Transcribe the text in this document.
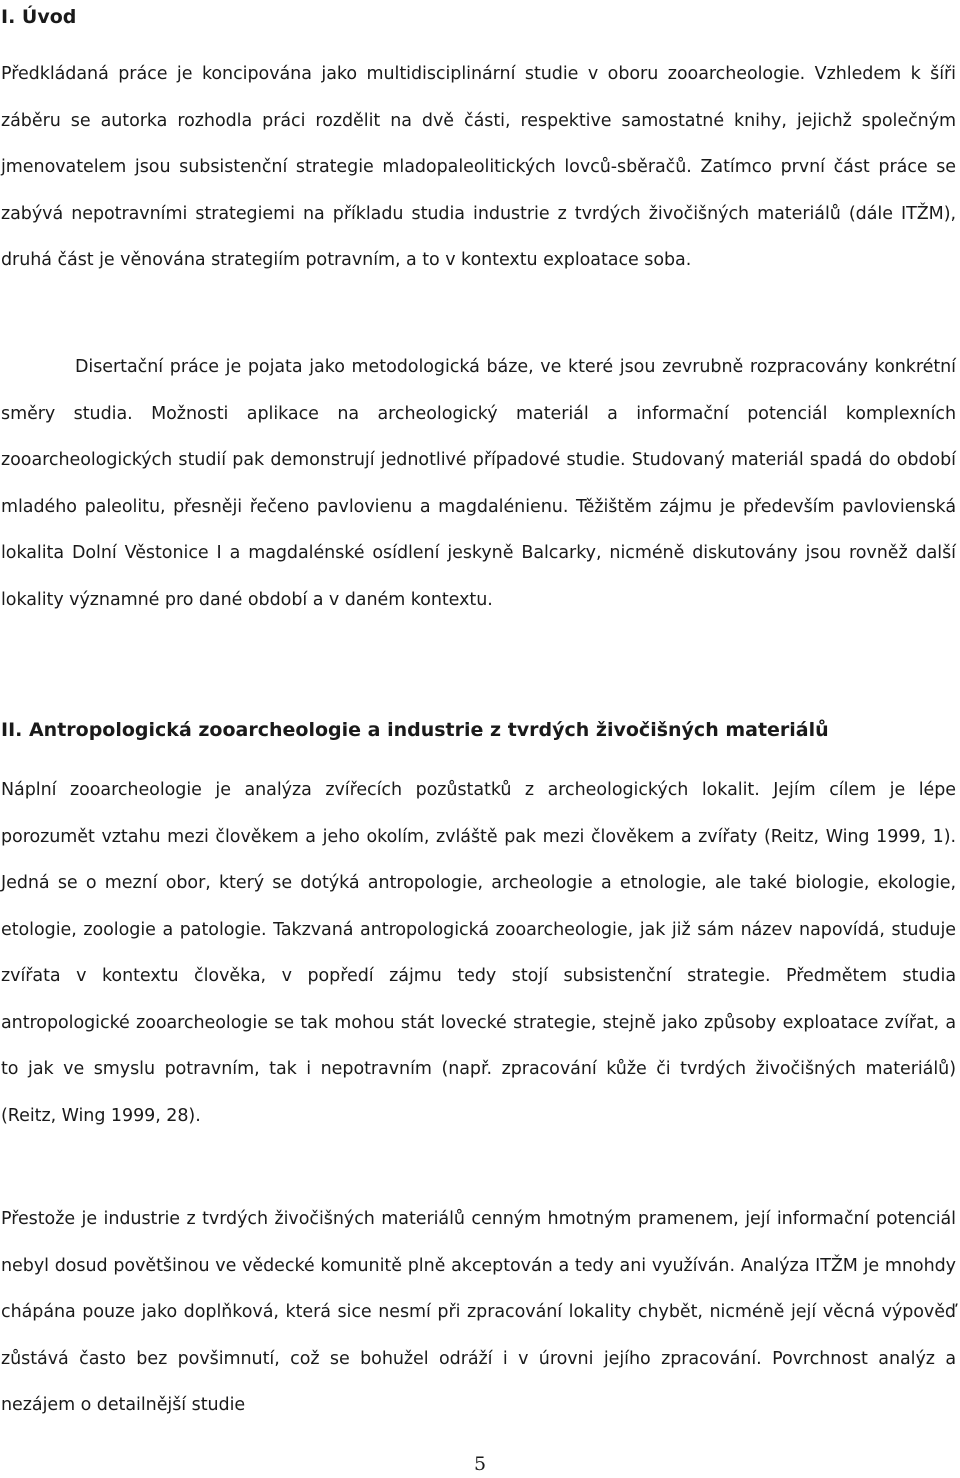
I. Úvod

Předkládaná práce je koncipována jako multidisciplinární studie v oboru zooarcheologie. Vzhledem k šíři záběru se autorka rozhodla práci rozdělit na dvě části, respektive samostatné knihy, jejichž společným jmenovatelem jsou subsistenční strategie mladopaleolitických lovců-sběračů. Zatímco první část práce se zabývá nepotravními strategiemi na příkladu studia industrie z tvrdých živočišných materiálů (dále ITŽM), druhá část je věnována strategiím potravním, a to v kontextu exploatace soba.

Disertační práce je pojata jako metodologická báze, ve které jsou zevrubně rozpracovány konkrétní směry studia. Možnosti aplikace na archeologický materiál a informační potenciál komplexních zooarcheologických studií pak demonstrují jednotlivé případové studie. Studovaný materiál spadá do období mladého paleolitu, přesněji řečeno pavlovienu a magdalénienu. Těžištěm zájmu je především pavlovienská lokalita Dolní Věstonice I a magdalénské osídlení jeskyně Balcarky, nicméně diskutovány jsou rovněž další lokality významné pro dané období a v daném kontextu.

II. Antropologická zooarcheologie a industrie z tvrdých živočišných materiálů

Náplní zooarcheologie je analýza zvířecích pozůstatků z archeologických lokalit. Jejím cílem je lépe porozumět vztahu mezi člověkem a jeho okolím, zvláště pak mezi člověkem a zvířaty (Reitz, Wing 1999, 1). Jedná se o mezní obor, který se dotýká antropologie, archeologie a etnologie, ale také biologie, ekologie, etologie, zoologie a patologie. Takzvaná antropologická zooarcheologie, jak již sám název napovídá, studuje zvířata v kontextu člověka, v popředí zájmu tedy stojí subsistenční strategie. Předmětem studia antropologické zooarcheologie se tak mohou stát lovecké strategie, stejně jako způsoby exploatace zvířat, a to jak ve smyslu potravním, tak i nepotravním (např. zpracování kůže či tvrdých živočišných materiálů) (Reitz, Wing 1999, 28).

Přestože je industrie z tvrdých živočišných materiálů cenným hmotným pramenem, její informační potenciál nebyl dosud povětšinou ve vědecké komunitě plně akceptován a tedy ani využíván. Analýza ITŽM je mnohdy chápána pouze jako doplňková, která sice nesmí při zpracování lokality chybět, nicméně její věcná výpověď zůstává často bez povšimnutí, což se bohužel odráží i v úrovni jejího zpracování. Povrchnost analýz a nezájem o detailnější studie

5
